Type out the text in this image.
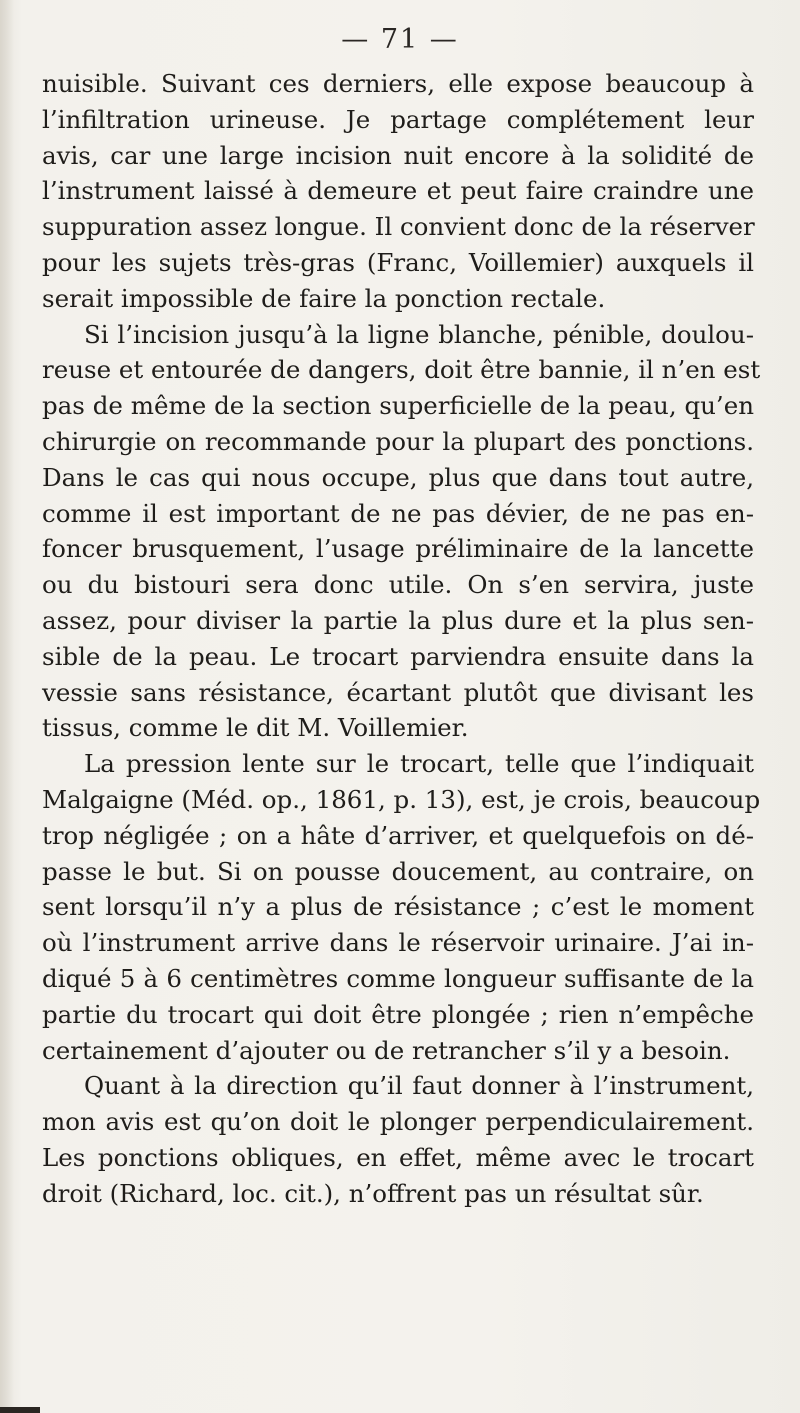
— 71 —
nuisible. Suivant ces derniers, elle expose beaucoup à
l’infiltration urineuse. Je partage complétement leur
avis, car une large incision nuit encore à la solidité de
l’instrument laissé à demeure et peut faire craindre une
suppuration assez longue. Il convient donc de la réserver
pour les sujets très-gras (Franc, Voillemier) auxquels il
serait impossible de faire la ponction rectale.
Si l’incision jusqu’à la ligne blanche, pénible, doulou-
reuse et entourée de dangers, doit être bannie, il n’en est
pas de même de la section superficielle de la peau, qu’en
chirurgie on recommande pour la plupart des ponctions.
Dans le cas qui nous occupe, plus que dans tout autre,
comme il est important de ne pas dévier, de ne pas en-
foncer brusquement, l’usage préliminaire de la lancette
ou du bistouri sera donc utile. On s’en servira, juste
assez, pour diviser la partie la plus dure et la plus sen-
sible de la peau. Le trocart parviendra ensuite dans la
vessie sans résistance, écartant plutôt que divisant les
tissus, comme le dit M. Voillemier.
La pression lente sur le trocart, telle que l’indiquait
Malgaigne (Méd. op., 1861, p. 13), est, je crois, beaucoup
trop négligée ; on a hâte d’arriver, et quelquefois on dé-
passe le but. Si on pousse doucement, au contraire, on
sent lorsqu’il n’y a plus de résistance ; c’est le moment
où l’instrument arrive dans le réservoir urinaire. J’ai in-
diqué 5 à 6 centimètres comme longueur suffisante de la
partie du trocart qui doit être plongée ; rien n’empêche
certainement d’ajouter ou de retrancher s’il y a besoin.
Quant à la direction qu’il faut donner à l’instrument,
mon avis est qu’on doit le plonger perpendiculairement.
Les ponctions obliques, en effet, même avec le trocart
droit (Richard, loc. cit.), n’offrent pas un résultat sûr.
